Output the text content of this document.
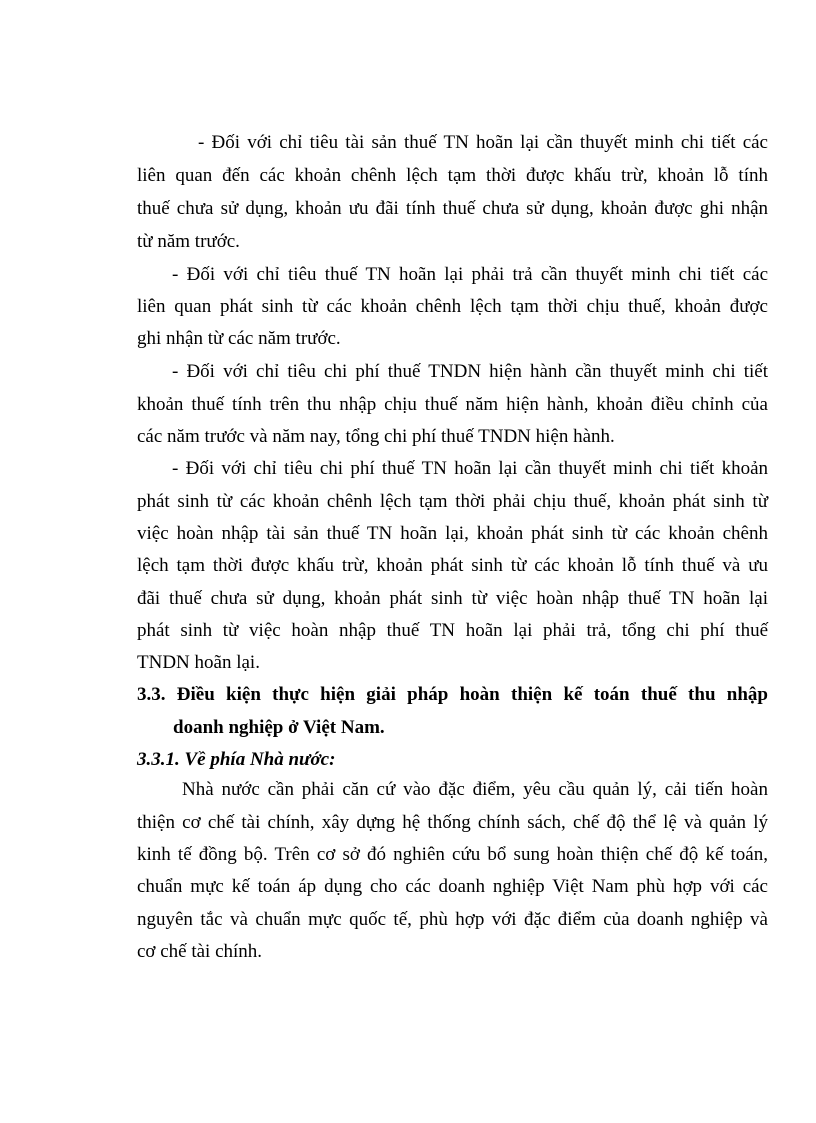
- Đối với chỉ tiêu tài sản thuế TN hoãn lại cần thuyết minh chi tiết các
liên quan đến các khoản chênh lệch tạm thời được khấu trừ, khoản lỗ tính
thuế chưa sử dụng, khoản ưu đãi tính thuế chưa sử dụng, khoản được ghi nhận
từ năm trước.
- Đối với chỉ tiêu thuế TN hoãn lại phải trả cần thuyết minh chi tiết các
liên quan phát sinh từ các khoản chênh lệch tạm thời chịu thuế, khoản được
ghi nhận từ các năm trước.
- Đối với chỉ tiêu chi phí thuế TNDN hiện hành cần thuyết minh chi tiết
khoản thuế tính trên thu nhập chịu thuế năm hiện hành, khoản điều chỉnh của
các năm trước và năm nay, tổng chi phí thuế TNDN hiện hành.
- Đối với chỉ tiêu chi phí thuế TN hoãn lại cần thuyết minh chi tiết khoản
phát sinh từ các khoản chênh lệch tạm thời phải chịu thuế, khoản phát sinh từ
việc hoàn nhập tài sản thuế TN hoãn lại, khoản phát sinh từ các khoản chênh
lệch tạm thời được khấu trừ, khoản phát sinh từ các khoản lỗ tính thuế và ưu
đãi thuế chưa sử dụng, khoản phát sinh từ việc hoàn nhập thuế TN hoãn lại
phát sinh từ việc hoàn nhập thuế TN hoãn lại phải trả, tổng chi phí thuế
TNDN hoãn lại.
3.3. Điều kiện thực hiện giải pháp hoàn thiện kế toán thuế thu nhập
doanh nghiệp ở Việt Nam.
3.3.1. Về phía Nhà nước:
Nhà nước cần phải căn cứ vào đặc điểm, yêu cầu quản lý, cải tiến hoàn
thiện cơ chế tài chính, xây dựng hệ thống chính sách, chế độ thể lệ và quản lý
kinh tế đồng bộ. Trên cơ sở đó nghiên cứu bổ sung hoàn thiện chế độ kế toán,
chuẩn mực kế toán áp dụng cho các doanh nghiệp Việt Nam phù hợp với các
nguyên tắc và chuẩn mực quốc tế, phù hợp với đặc điểm của doanh nghiệp và
cơ chế tài chính.
